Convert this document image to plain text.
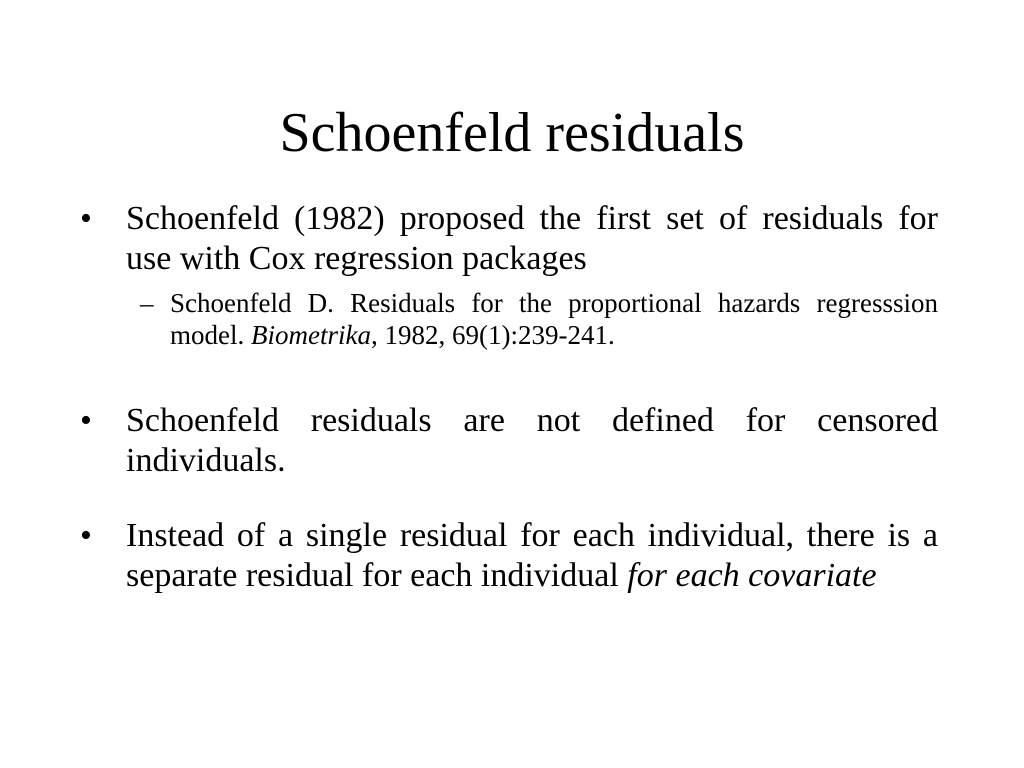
Schoenfeld residuals
•	Schoenfeld (1982) proposed the first set of residuals for use with Cox regression packages
– Schoenfeld D. Residuals for the proportional hazards regresssion model. Biometrika, 1982, 69(1):239-241.
•	Schoenfeld residuals are not defined for censored individuals.
•	Instead of a single residual for each individual, there is a separate residual for each individual for each covariate
